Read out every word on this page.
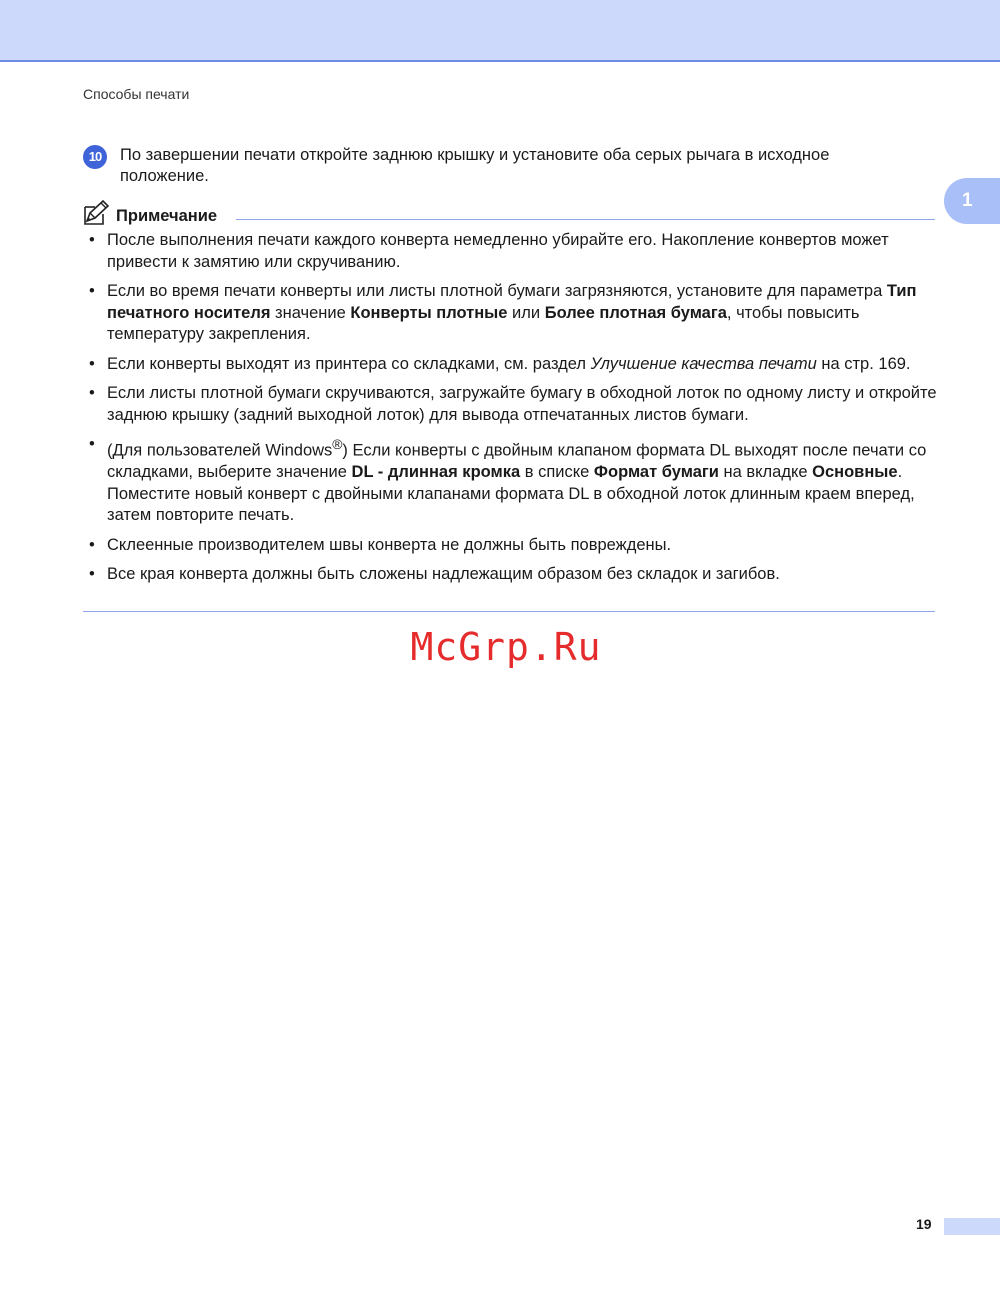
Способы печати
1
10	По завершении печати откройте заднюю крышку и установите оба серых рычага в исходное положение.
Примечание
• После выполнения печати каждого конверта немедленно убирайте его. Накопление конвертов может привести к замятию или скручиванию.
• Если во время печати конверты или листы плотной бумаги загрязняются, установите для параметра Тип печатного носителя значение Конверты плотные или Более плотная бумага, чтобы повысить температуру закрепления.
• Если конверты выходят из принтера со складками, см. раздел Улучшение качества печати на стр. 169.
• Если листы плотной бумаги скручиваются, загружайте бумагу в обходной лоток по одному листу и откройте заднюю крышку (задний выходной лоток) для вывода отпечатанных листов бумаги.
• (Для пользователей Windows®) Если конверты с двойным клапаном формата DL выходят после печати со складками, выберите значение DL - длинная кромка в списке Формат бумаги на вкладке Основные. Поместите новый конверт с двойными клапанами формата DL в обходной лоток длинным краем вперед, затем повторите печать.
• Склеенные производителем швы конверта не должны быть повреждены.
• Все края конверта должны быть сложены надлежащим образом без складок и загибов.
McGrp.Ru
19
